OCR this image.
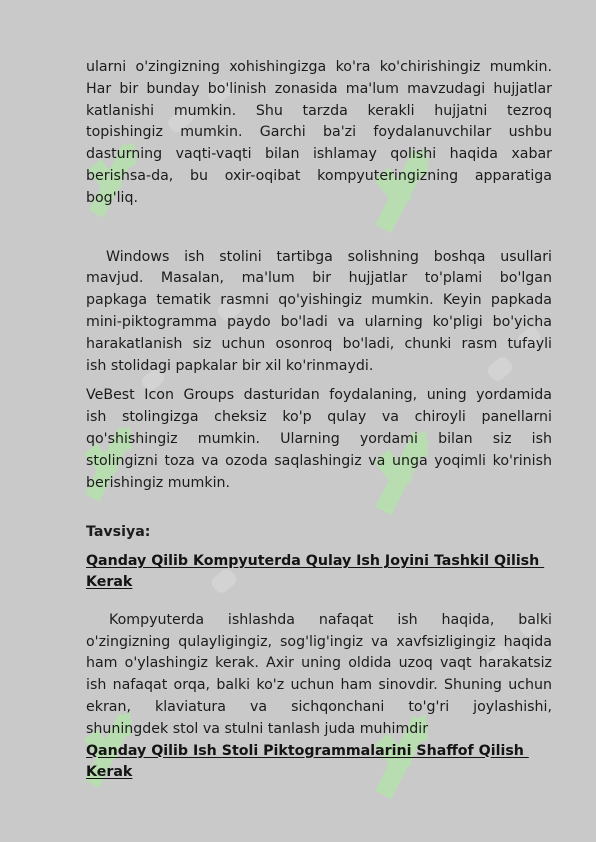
ularni o'zingizning xohishingizga ko'ra ko'chirishingiz mumkin.
Har bir bunday bo'linish zonasida ma'lum mavzudagi hujjatlar
katlanishi mumkin. Shu tarzda kerakli hujjatni tezroq
topishingiz mumkin. Garchi ba'zi foydalanuvchilar ushbu
dasturning vaqti-vaqti bilan ishlamay qolishi haqida xabar
berishsa-da, bu oxir-oqibat kompyuteringizning apparatiga
bog'liq.
Windows ish stolini tartibga solishning boshqa usullari
mavjud. Masalan, ma'lum bir hujjatlar to'plami bo'lgan
papkaga tematik rasmni qo'yishingiz mumkin. Keyin papkada
mini-piktogramma paydo bo'ladi va ularning ko'pligi bo'yicha
harakatlanish siz uchun osonroq bo'ladi, chunki rasm tufayli
ish stolidagi papkalar bir xil ko'rinmaydi.
VeBest Icon Groups dasturidan foydalaning, uning yordamida
ish stolingizga cheksiz ko'p qulay va chiroyli panellarni
qo'shishingiz mumkin. Ularning yordami bilan siz ish
stolingizni toza va ozoda saqlashingiz va unga yoqimli ko'rinish
berishingiz mumkin.
Tavsiya:
Qanday Qilib Kompyuterda Qulay Ish Joyini Tashkil Qilish
Kerak
Kompyuterda ishlashda nafaqat ish haqida, balki
o'zingizning qulayligingiz, sog'lig'ingiz va xavfsizligingiz haqida
ham o'ylashingiz kerak. Axir uning oldida uzoq vaqt harakatsiz
ish nafaqat orqa, balki ko'z uchun ham sinovdir. Shuning uchun
ekran, klaviatura va sichqonchani to'g'ri joylashishi,
shuningdek stol va stulni tanlash juda muhimdir
Qanday Qilib Ish Stoli Piktogrammalarini Shaffof Qilish
Kerak
